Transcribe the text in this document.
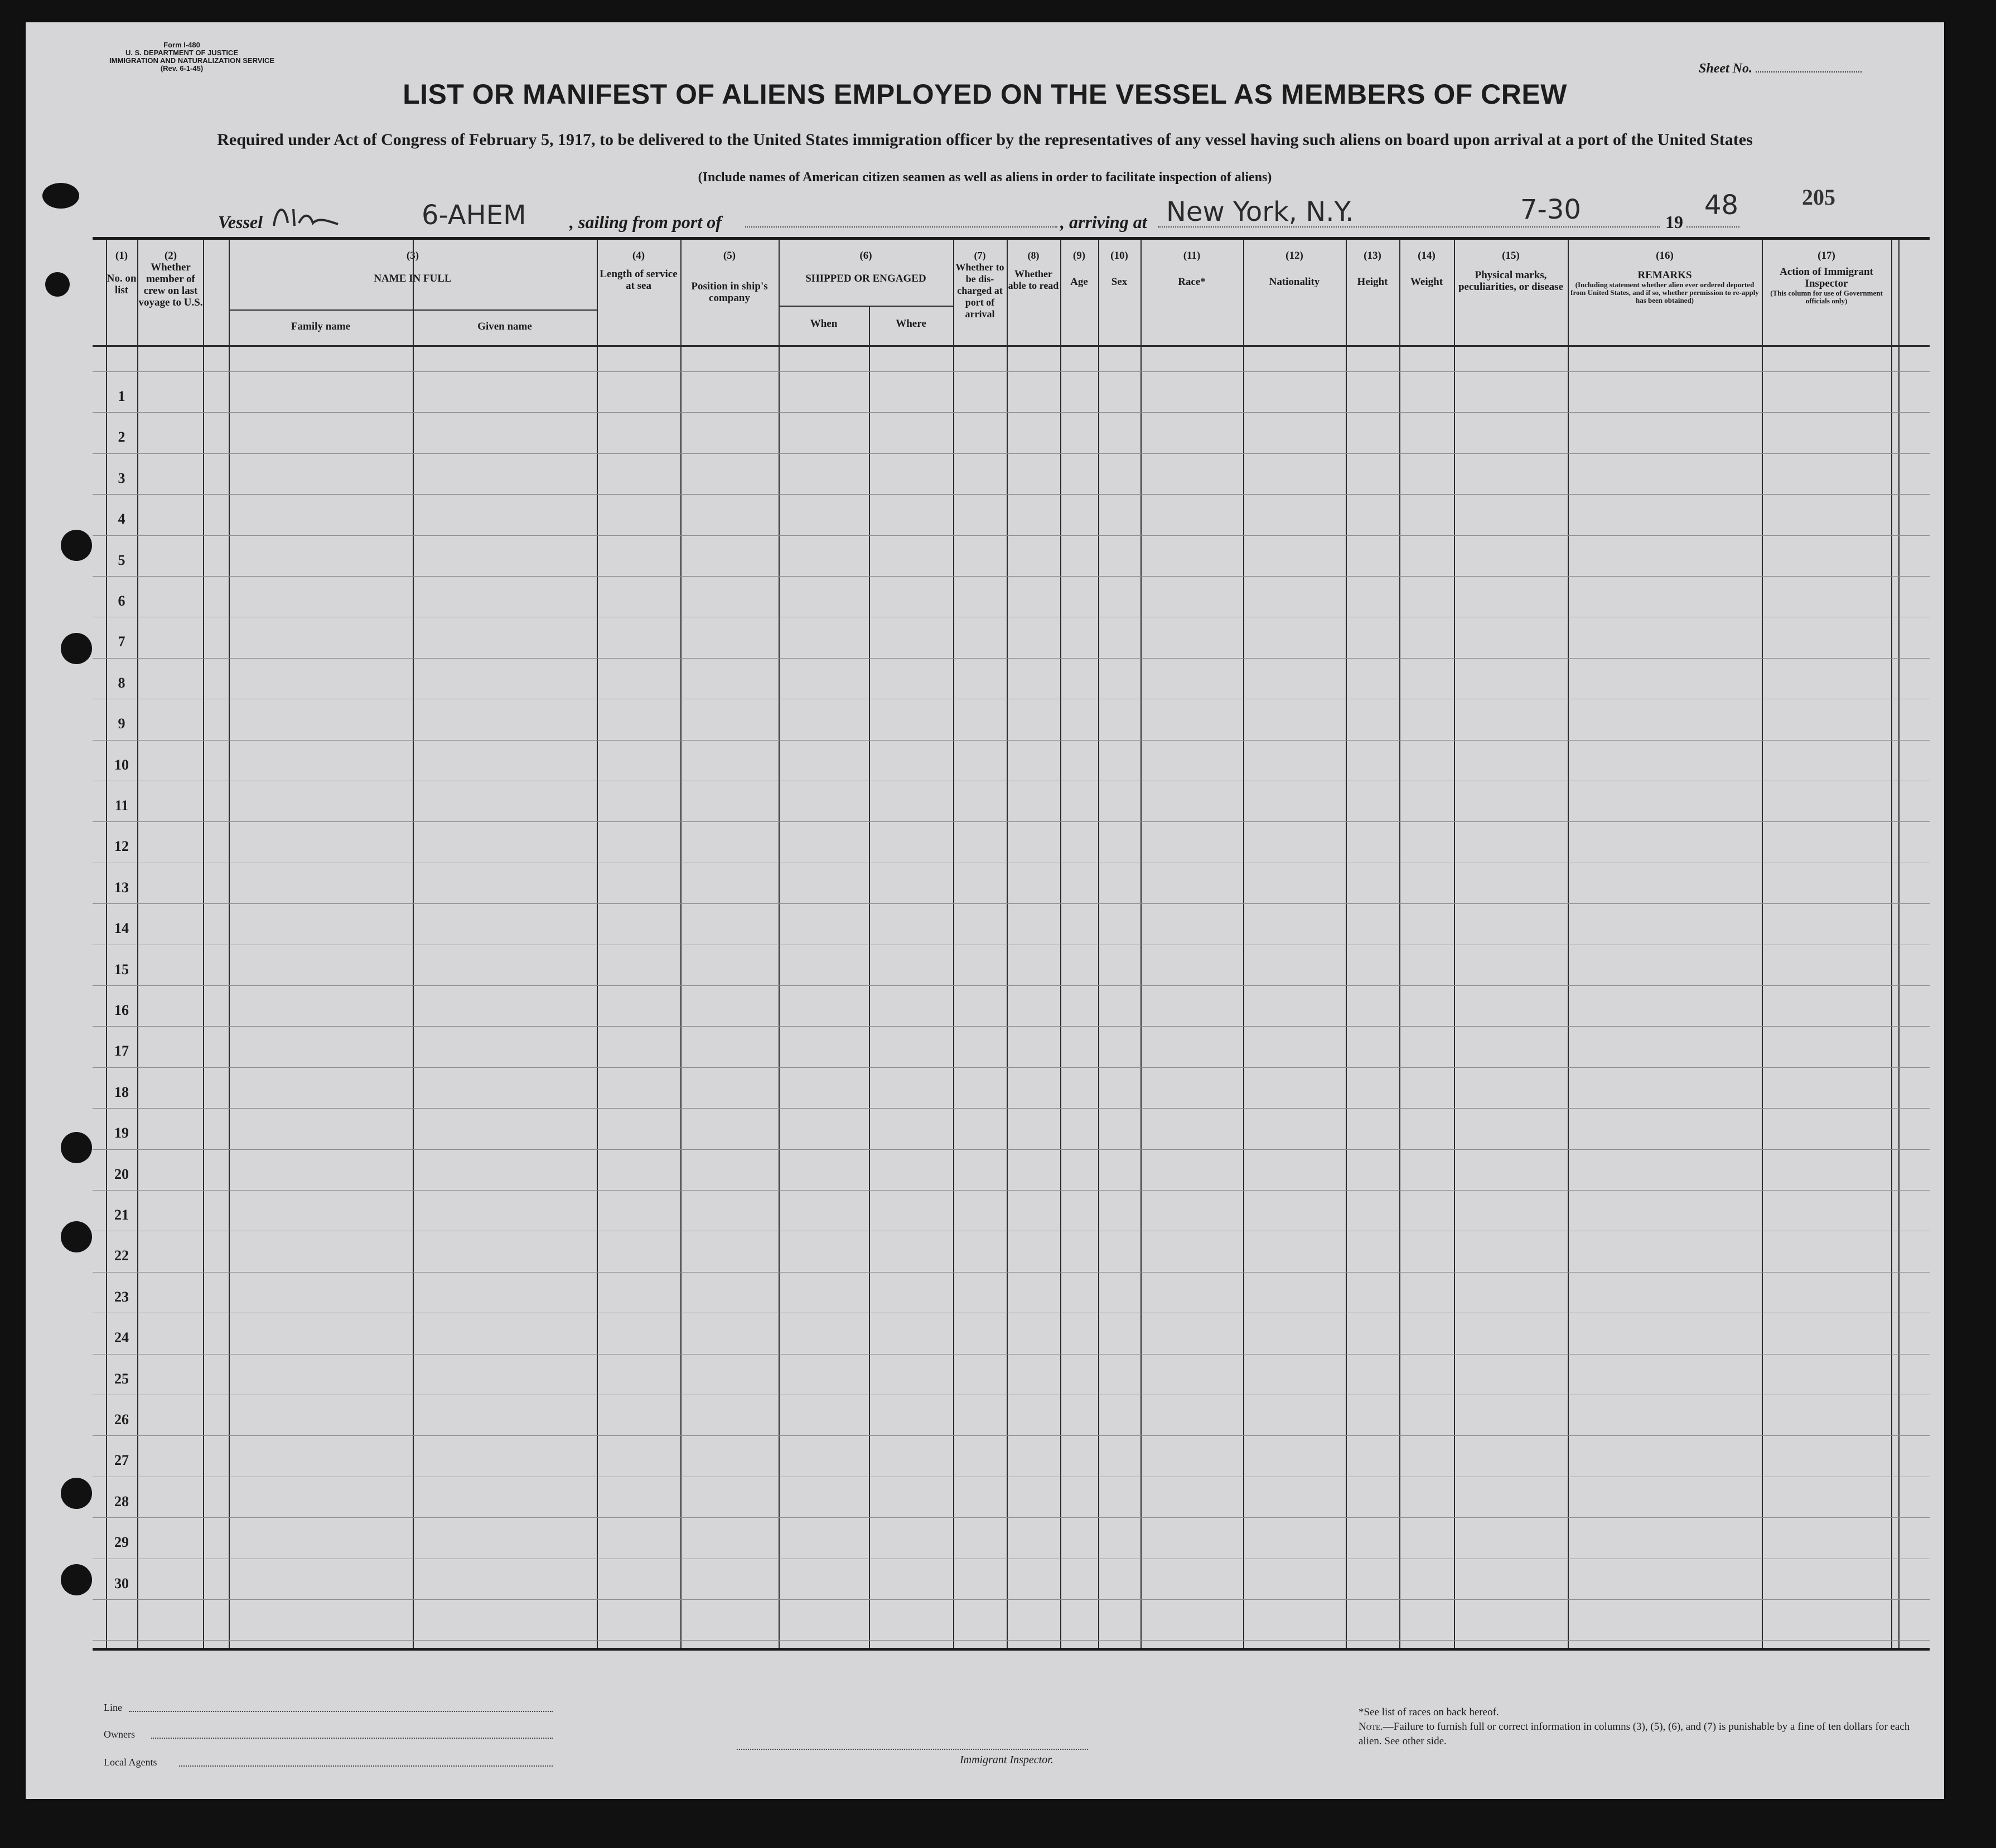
Form I-480
U. S. DEPARTMENT OF JUSTICE
IMMIGRATION AND NATURALIZATION SERVICE
(Rev. 6-1-45)	Sheet No.
LIST OR MANIFEST OF ALIENS EMPLOYED ON THE VESSEL AS MEMBERS OF CREW
Required under Act of Congress of February 5, 1917, to be delivered to the United States immigration officer by the representatives of any vessel having such aliens on board upon arrival at a port of the United States
(Include names of American citizen seamen as well as aliens in order to facilitate inspection of aliens)
205
Vessel	6-AHEM , sailing from port of	, arriving at New York, N.Y.	7-30	19
48
(1)
No. on list
(2)
Whether member of crew on last voyage to U.S.
(3)
NAME IN FULL
Family name	Given name
(4)
Length of service at sea
(5)
Position in ship's company
(6)
SHIPPED OR ENGAGED
When	Where
(7)
Whether to be dis-charged at port of arrival
(8)
Whether able to read
(9)
Age
(10)
Sex
(11)
Race*
(12)
Nationality
(13)
Height
(14)
Weight
(15)
Physical marks, peculiarities, or disease
(16)
REMARKS
(Including statement whether alien ever ordered deported from United States, and if so, whether permission to re-apply has been obtained)
(17)
Action of Immigrant Inspector
(This column for use of Government officials only)
1
2
3
4
5
6
7
8
9
10
11
12
13
14
15
16
17
18
19
20
21
22
23
24
25
26
27
28
29
30
Line
Owners
Local Agents	Immigrant Inspector.
*See list of races on back hereof.
Note.—Failure to furnish full or correct information in columns (3), (5), (6), and (7) is punishable by a fine of ten dollars for each alien. See other side.
